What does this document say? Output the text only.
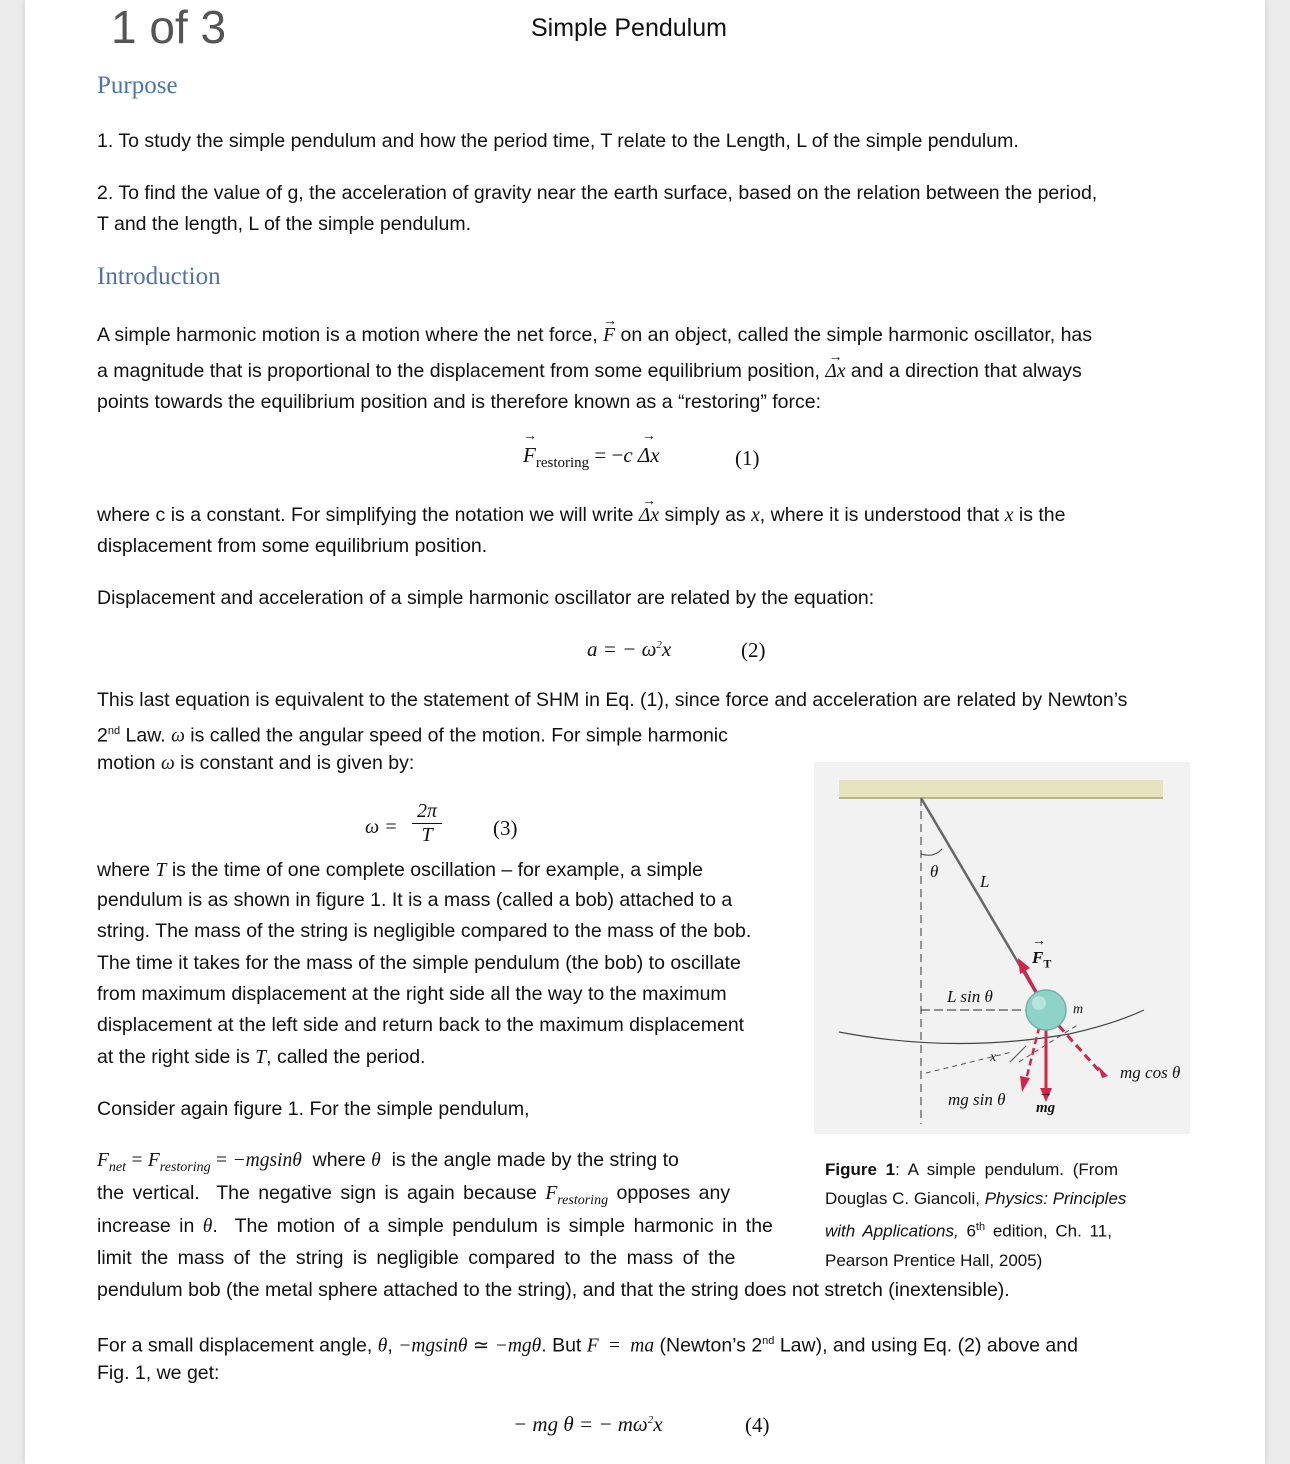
1 of 3	Simple Pendulum
Purpose
1. To study the simple pendulum and how the period time, T relate to the Length, L of the simple pendulum.
2. To find the value of g, the acceleration of gravity near the earth surface, based on the relation between the period,
T and the length, L of the simple pendulum.
Introduction
A simple harmonic motion is a motion where the net force, → F on an object, called the simple harmonic oscillator, has
a magnitude that is proportional to the displacement from some equilibrium position, → Δx and a direction that always
points towards the equilibrium position and is therefore known as a “restoring” force:
→ $F_{restoring} = -c \to \Delta x$	(1)
where c is a constant. For simplifying the notation we will write → Δx simply as x, where it is understood that x is the
displacement from some equilibrium position.
Displacement and acceleration of a simple harmonic oscillator are related by the equation:
a = − $\omega^2x$	(2)
This last equation is equivalent to the statement of SHM in Eq. (1), since force and acceleration are related by Newton’s
2nd Law. ω is called the angular speed of the motion. For simple harmonic
motion ω is constant and is given by:
ω =
2π
T	(3)
where T is the time of one complete oscillation – for example, a simple
pendulum is as shown in figure 1. It is a mass (called a bob) attached to a
string. The mass of the string is negligible compared to the mass of the bob.
The time it takes for the mass of the simple pendulum (the bob) to oscillate
from maximum displacement at the right side all the way to the maximum
displacement at the left side and return back to the maximum displacement
at the right side is T, called the period.
Consider again figure 1. For the simple pendulum,
$F_{net} = F_{restoring} = -mgsin\theta$  where θ  is the angle made by the string to
the vertical.  The negative sign is again because $F_{restoring}$ opposes any
increase in θ.  The motion of a simple pendulum is simple harmonic in the
limit the mass of the string is negligible compared to the mass of the
pendulum bob (the metal sphere attached to the string), and that the string does not stretch (inextensible).
For a small displacement angle, θ, −mgsinθ ≃ −mgθ. But F  =  ma (Newton’s 2nd Law), and using Eq. (2) above and
Fig. 1, we get:
− mg θ = − $m\omega^2x$	(4)
θ
L
→ $F_T$
L sin θ
m
x
mg cos θ
mg sin θ → mg
Figure 1: A simple pendulum. (From
Douglas C. Giancoli, Physics: Principles
with Applications, 6th edition, Ch. 11,
Pearson Prentice Hall, 2005)
